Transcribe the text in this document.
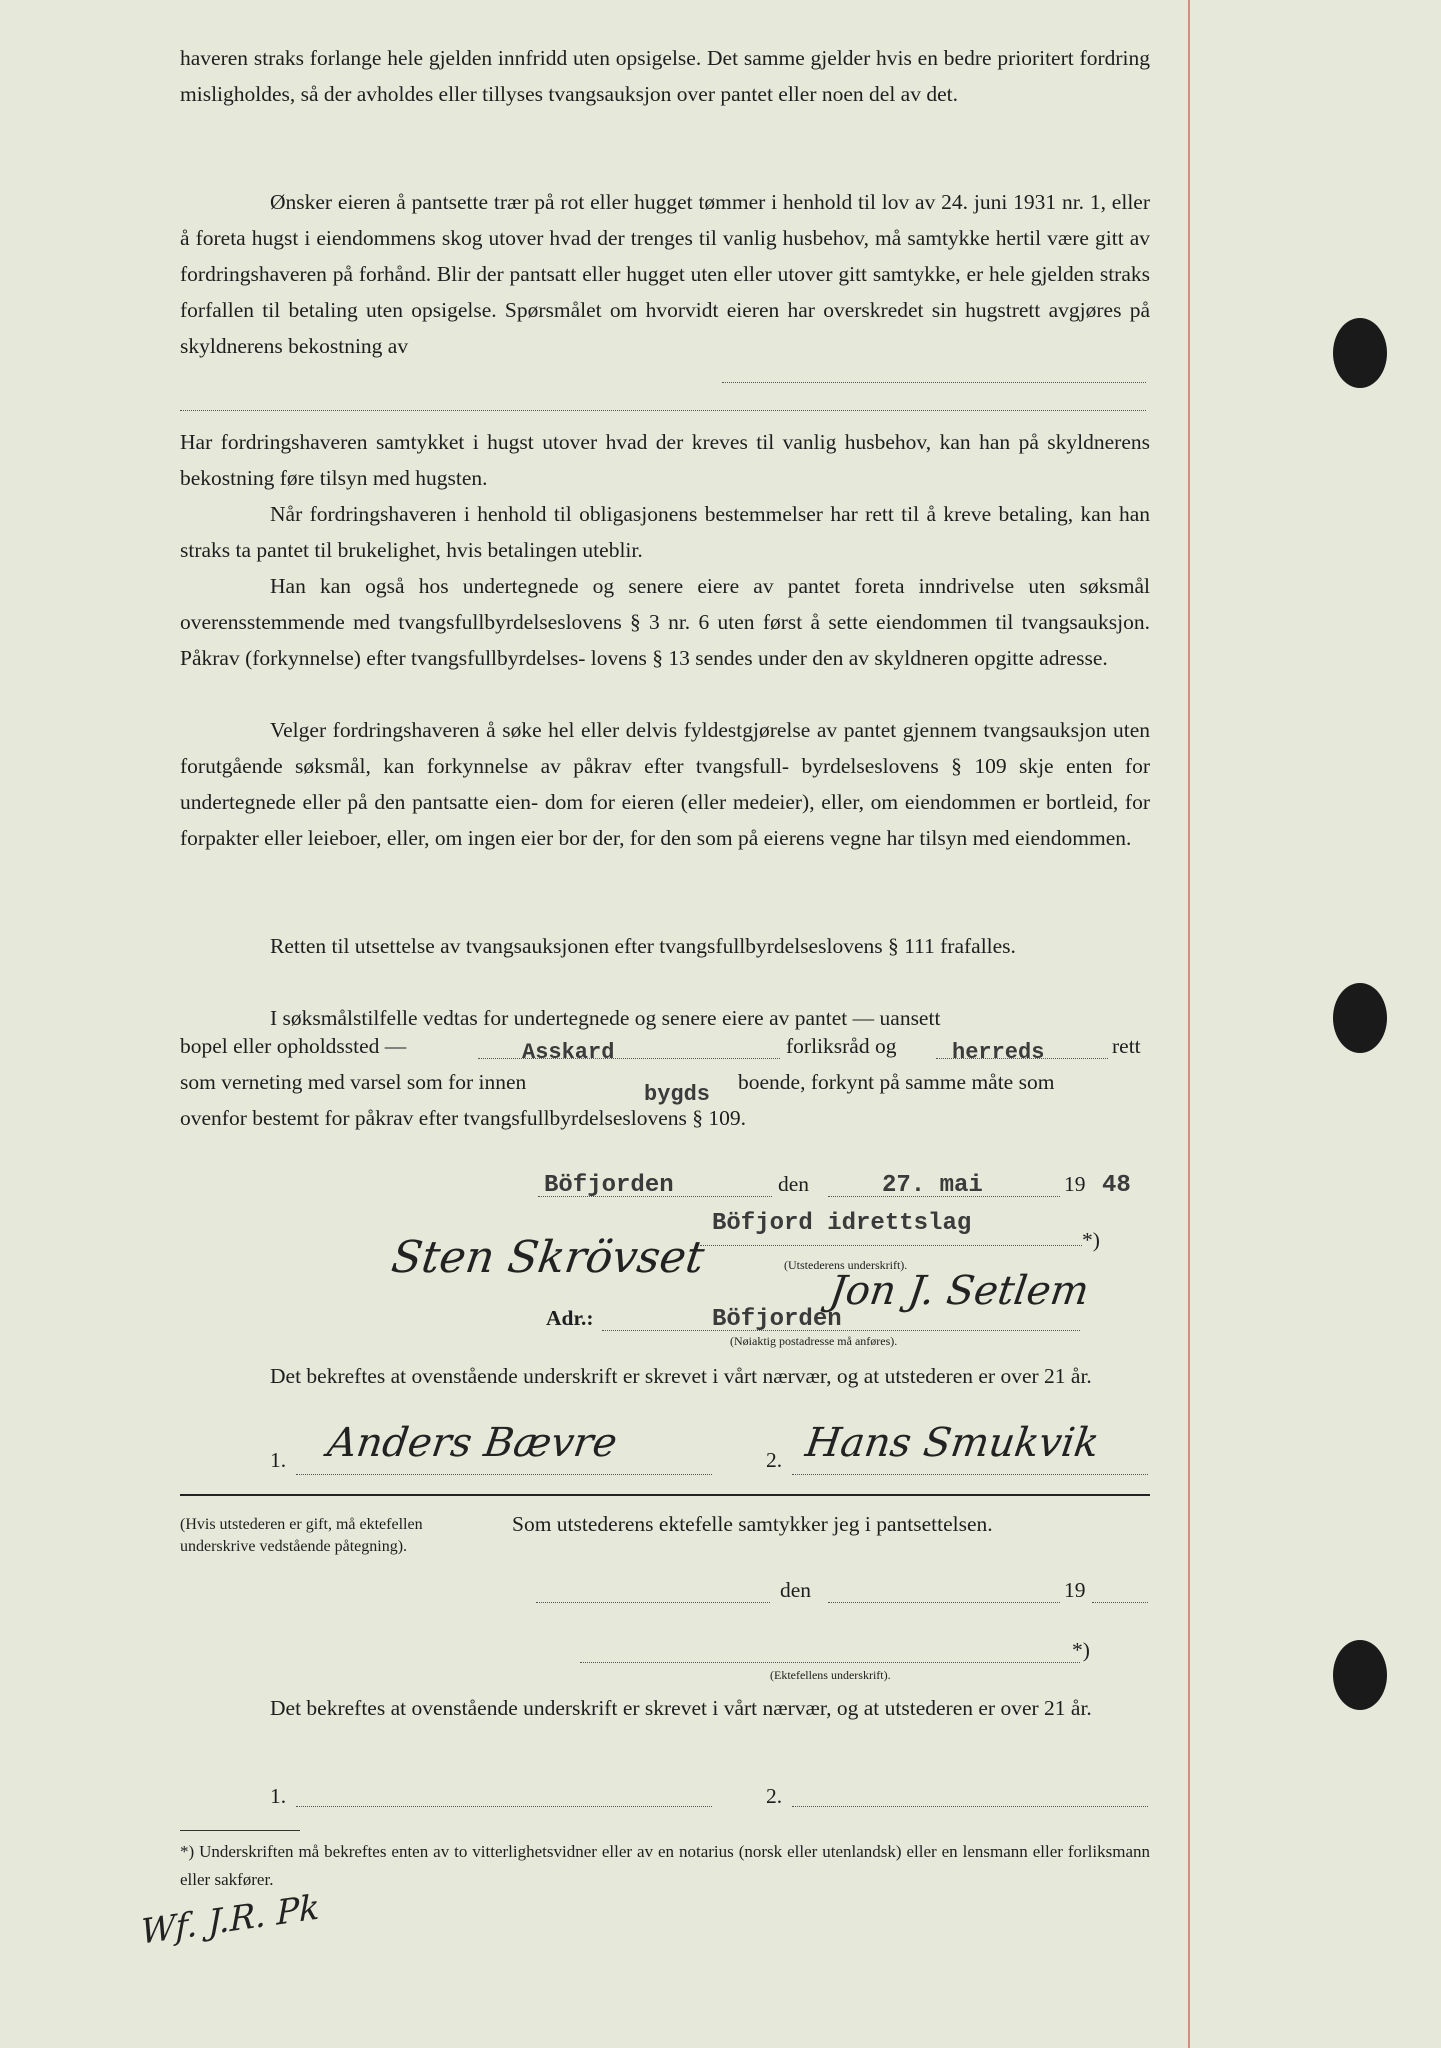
haveren straks forlange hele gjelden innfridd uten opsigelse. Det samme gjelder hvis en bedre prioritert fordring misligholdes, så der avholdes eller tillyses tvangsauksjon over pantet eller noen del av det.
Ønsker eieren å pantsette trær på rot eller hugget tømmer i henhold til lov av 24. juni 1931 nr. 1, eller å foreta hugst i eiendommens skog utover hvad der trenges til vanlig husbehov, må samtykke hertil være gitt av fordringshaveren på forhånd. Blir der pantsatt eller hugget uten eller utover gitt samtykke, er hele gjelden straks forfallen til betaling uten opsigelse. Spørsmålet om hvorvidt eieren har overskredet sin hugstrett avgjøres på skyldnerens bekostning av
Har fordringshaveren samtykket i hugst utover hvad der kreves til vanlig husbehov, kan han på skyldnerens bekostning føre tilsyn med hugsten.
Når fordringshaveren i henhold til obligasjonens bestemmelser har rett til å kreve betaling, kan han straks ta pantet til brukelighet, hvis betalingen uteblir.
Han kan også hos undertegnede og senere eiere av pantet foreta inndrivelse uten søksmål overensstemmende med tvangsfullbyrdelseslovens § 3 nr. 6 uten først å sette eiendommen til tvangsauksjon. Påkrav (forkynnelse) efter tvangsfullbyrdelses- lovens § 13 sendes under den av skyldneren opgitte adresse.
Velger fordringshaveren å søke hel eller delvis fyldestgjørelse av pantet gjennem tvangsauksjon uten forutgående søksmål, kan forkynnelse av påkrav efter tvangsfull- byrdelseslovens § 109 skje enten for undertegnede eller på den pantsatte eien- dom for eieren (eller medeier), eller, om eiendommen er bortleid, for forpakter eller leieboer, eller, om ingen eier bor der, for den som på eierens vegne har tilsyn med eiendommen.
Retten til utsettelse av tvangsauksjonen efter tvangsfullbyrdelseslovens § 111 frafalles.
I søksmålstilfelle vedtas for undertegnede og senere eiere av pantet — uansett
bopel eller opholdssted —	Asskard	forliksråd og	herreds	rett
som verneting med varsel som for innen	bygds boende, forkynt på samme måte som
ovenfor bestemt for påkrav efter tvangsfullbyrdelseslovens § 109.
Böfjorden	den	27. mai	19 48
Böfjord idrettslag
*)
(Utstederens underskrift).
Sten Skrövset
Adr.:	Böfjorden
Jon J. Setlem
(Nøiaktig postadresse må anføres).
Det bekreftes at ovenstående underskrift er skrevet i vårt nærvær, og at utstederen er over 21 år.
1. Anders Bævre	2. Hans Smukvik
(Hvis utstederen er gift, må ektefellen underskrive vedstående påtegning).
Som utstederens ektefelle samtykker jeg i pantsettelsen.
den	19
*)
(Ektefellens underskrift).
Det bekreftes at ovenstående underskrift er skrevet i vårt nærvær, og at utstederen er over 21 år.
1.	2.
*) Underskriften må bekreftes enten av to vitterlighetsvidner eller av en notarius (norsk eller utenlandsk) eller en lensmann eller forliksmann eller sakfører.
Wf. J.R. Pk
